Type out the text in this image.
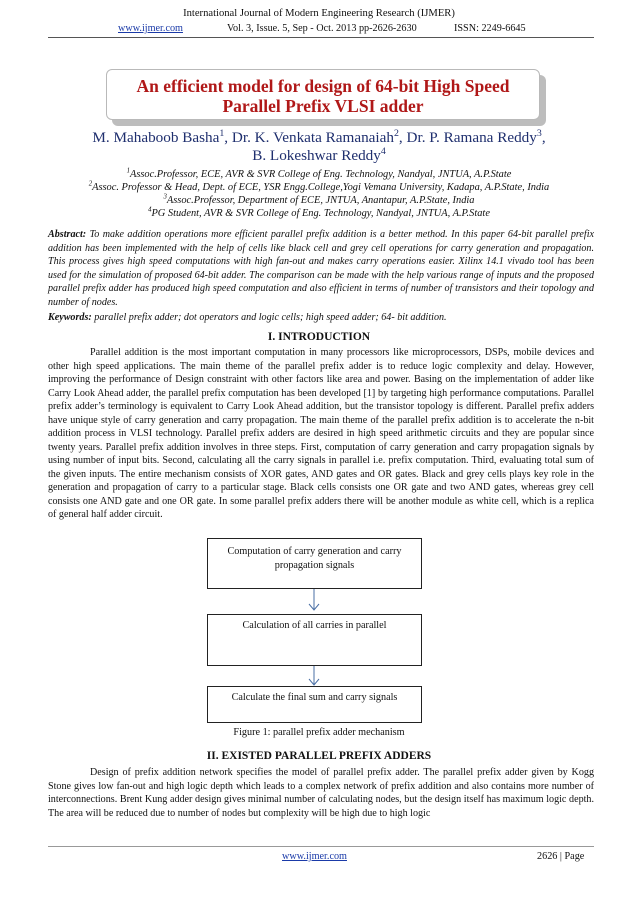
International Journal of Modern Engineering Research (IJMER)
www.ijmer.com	Vol. 3, Issue. 5, Sep - Oct. 2013 pp-2626-2630	ISSN: 2249-6645
An efficient model for design of 64-bit High Speed
Parallel Prefix VLSI adder
M. Mahaboob Basha$^1$, Dr. K. Venkata Ramanaiah$^2$, Dr. P. Ramana Reddy$^3$,
B. Lokeshwar Reddy$^4$
$^1$Assoc.Professor, ECE, AVR & SVR College of Eng. Technology, Nandyal, JNTUA, A.P.State
$^2$Assoc. Professor & Head, Dept. of ECE, YSR Engg.College,Yogi Vemana University, Kadapa, A.P.State, India
$^3$Assoc.Professor, Department of ECE, JNTUA, Anantapur, A.P.State, India
$^4$PG Student, AVR & SVR College of Eng. Technology, Nandyal, JNTUA, A.P.State
Abstract: To make addition operations more efficient parallel prefix addition is a better method. In this paper 64-bit parallel prefix addition has been implemented with the help of cells like black cell and grey cell operations for carry generation and propagation. This process gives high speed computations with high fan-out and makes carry operations easier. Xilinx 14.1 vivado tool has been used for the simulation of proposed 64-bit adder. The comparison can be made with the help various range of inputs and the proposed parallel prefix adder has produced high speed computation and also efficient in terms of number of transistors and their topology and number of nodes.
Keywords: parallel prefix adder; dot operators and logic cells; high speed adder; 64- bit addition.
I. INTRODUCTION
Parallel addition is the most important computation in many processors like microprocessors, DSPs, mobile devices and other high speed applications. The main theme of the parallel prefix adder is to reduce logic complexity and delay. However, improving the performance of Design constraint with other factors like area and power. Basing on the implementation of adder like Carry Look Ahead adder, the parallel prefix computation has been developed [1] by targeting high performance computations. Parallel prefix adder’s terminology is equivalent to Carry Look Ahead addition, but the transistor topology is different. Parallel prefix adders have unique style of carry generation and carry propagation. The main theme of the parallel prefix addition is to accelerate the n-bit addition process in VLSI technology. Parallel prefix adders are desired in high speed arithmetic circuits and they are popular since twenty years. Parallel prefix addition involves in three steps. First, computation of carry generation and carry propagation signals by using number of input bits. Second, calculating all the carry signals in parallel i.e. prefix computation. Third, evaluating total sum of the given inputs. The entire mechanism consists of XOR gates, AND gates and OR gates. Black and grey cells plays key role in the generation and propagation of carry to a particular stage. Black cells consists one OR gate and two AND gates, whereas grey cell consists one AND gate and one OR gate. In some parallel prefix adders there will be another module as white cell, which is a replica of general half adder circuit.
Computation of carry generation and carry propagation signals
Calculation of all carries in parallel
Calculate the final sum and carry signals
Figure 1: parallel prefix adder mechanism
II. EXISTED PARALLEL PREFIX ADDERS
Design of prefix addition network specifies the model of parallel prefix adder. The parallel prefix adder given by Kogg Stone gives low fan-out and high logic depth which leads to a complex network of prefix addition and also contains more number of interconnections. Brent Kung adder design gives minimal number of calculating nodes, but the design itself has maximum logic depth. The area will be reduced due to number of nodes but complexity will be high due to high logic
www.ijmer.com	2626 | Page
